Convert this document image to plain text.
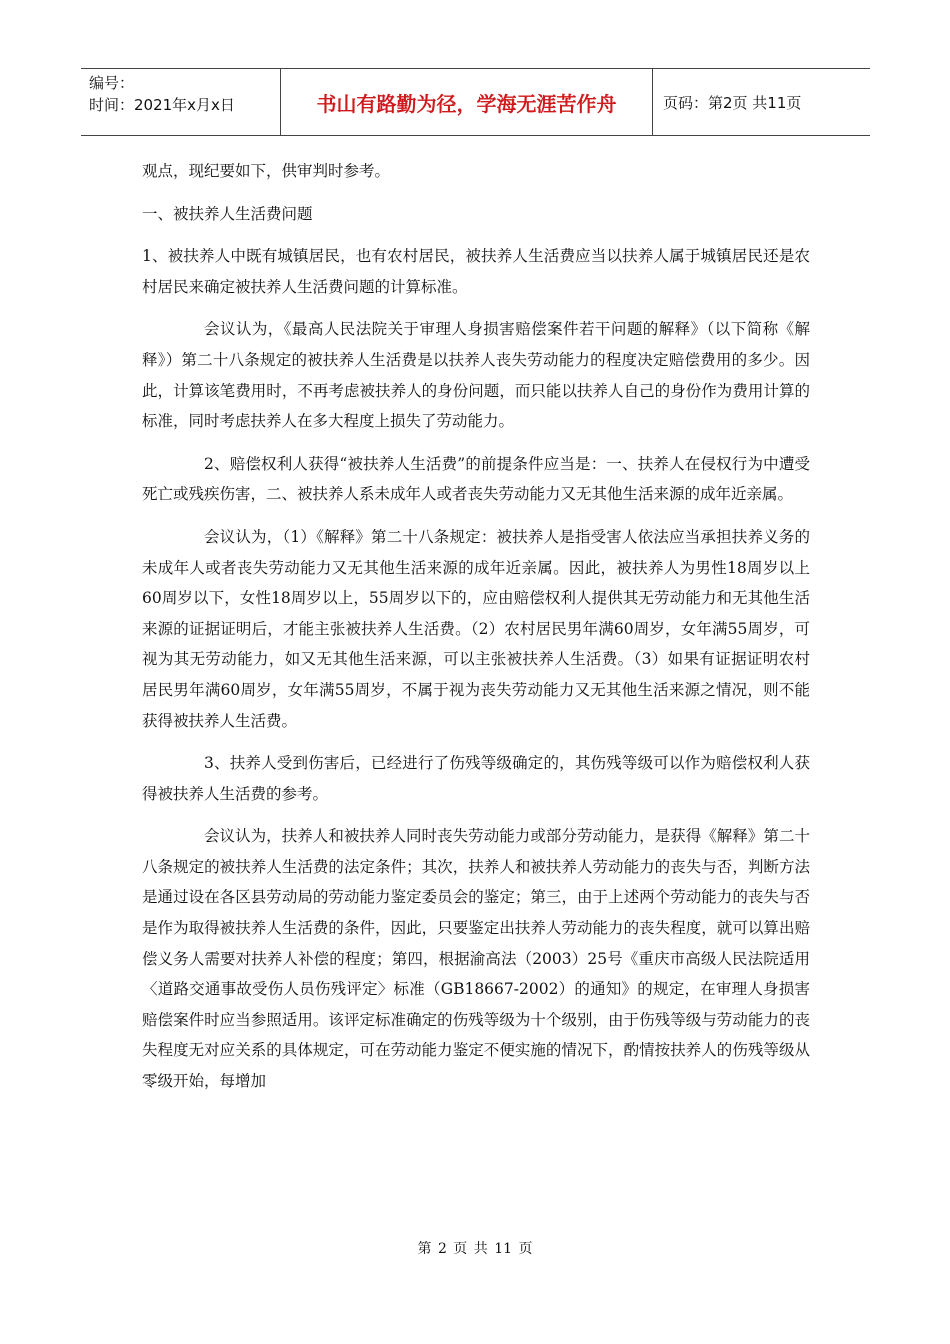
编号：
时间：2021年x月x日	书山有路勤为径，学海无涯苦作舟	页码：第2页 共11页

观点，现纪要如下，供审判时参考。

一、被扶养人生活费问题

1、被扶养人中既有城镇居民，也有农村居民，被扶养人生活费应当以扶养人属于城镇居民还是农村居民来确定被扶养人生活费问题的计算标准。

会议认为，《最高人民法院关于审理人身损害赔偿案件若干问题的解释》（以下简称《解释》）第二十八条规定的被扶养人生活费是以扶养人丧失劳动能力的程度决定赔偿费用的多少。因此，计算该笔费用时，不再考虑被扶养人的身份问题，而只能以扶养人自己的身份作为费用计算的标准，同时考虑扶养人在多大程度上损失了劳动能力。

2、赔偿权利人获得“被扶养人生活费”的前提条件应当是：一、扶养人在侵权行为中遭受死亡或残疾伤害，二、被扶养人系未成年人或者丧失劳动能力又无其他生活来源的成年近亲属。

会议认为，（1）《解释》第二十八条规定：被扶养人是指受害人依法应当承担扶养义务的未成年人或者丧失劳动能力又无其他生活来源的成年近亲属。因此，被扶养人为男性18周岁以上60周岁以下，女性18周岁以上，55周岁以下的，应由赔偿权利人提供其无劳动能力和无其他生活来源的证据证明后，才能主张被扶养人生活费。（2）农村居民男年满60周岁，女年满55周岁，可视为其无劳动能力，如又无其他生活来源，可以主张被扶养人生活费。（3）如果有证据证明农村居民男年满60周岁，女年满55周岁，不属于视为丧失劳动能力又无其他生活来源之情况，则不能获得被扶养人生活费。

3、扶养人受到伤害后，已经进行了伤残等级确定的，其伤残等级可以作为赔偿权利人获得被扶养人生活费的参考。

会议认为，扶养人和被扶养人同时丧失劳动能力或部分劳动能力，是获得《解释》第二十八条规定的被扶养人生活费的法定条件；其次，扶养人和被扶养人劳动能力的丧失与否，判断方法是通过设在各区县劳动局的劳动能力鉴定委员会的鉴定；第三，由于上述两个劳动能力的丧失与否是作为取得被扶养人生活费的条件，因此，只要鉴定出扶养人劳动能力的丧失程度，就可以算出赔偿义务人需要对扶养人补偿的程度；第四，根据渝高法（2003）25号《重庆市高级人民法院适用〈道路交通事故受伤人员伤残评定〉标准（GB18667-2002）的通知》的规定，在审理人身损害赔偿案件时应当参照适用。该评定标准确定的伤残等级为十个级别，由于伤残等级与劳动能力的丧失程度无对应关系的具体规定，可在劳动能力鉴定不便实施的情况下，酌情按扶养人的伤残等级从零级开始，每增加

第 2 页 共 11 页
